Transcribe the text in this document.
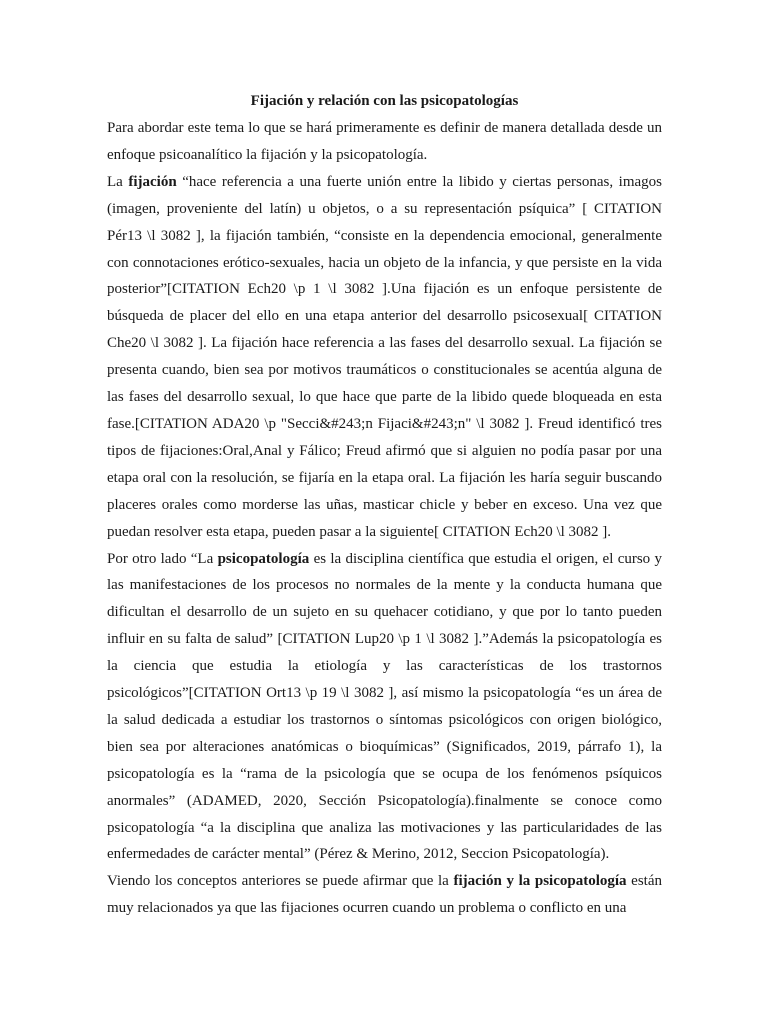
Fijación y relación con las psicopatologías

Para abordar este tema lo que se hará primeramente es definir de manera detallada desde un enfoque psicoanalítico la fijación y la psicopatología.

La fijación “hace referencia a una fuerte unión entre la libido y ciertas personas, imagos (imagen, proveniente del latín) u objetos, o a su representación psíquica” [ CITATION Pér13 \l 3082 ], la fijación también, “consiste en la dependencia emocional, generalmente con connotaciones erótico-sexuales, hacia un objeto de la infancia, y que persiste en la vida posterior”[CITATION Ech20 \p 1 \l 3082 ].Una fijación es un enfoque persistente de búsqueda de placer del ello en una etapa anterior del desarrollo psicosexual[ CITATION Che20 \l 3082 ]. La fijación hace referencia a las fases del desarrollo sexual. La fijación se presenta cuando, bien sea por motivos traumáticos o constitucionales se acentúa alguna de las fases del desarrollo sexual, lo que hace que parte de la libido quede bloqueada en esta fase.[CITATION ADA20 \p "Secci&#243;n Fijaci&#243;n" \l 3082 ]. Freud identificó tres tipos de fijaciones:Oral,Anal y Fálico; Freud afirmó que si alguien no podía pasar por una etapa oral con la resolución, se fijaría en la etapa oral. La fijación les haría seguir buscando placeres orales como morderse las uñas, masticar chicle y beber en exceso. Una vez que puedan resolver esta etapa, pueden pasar a la siguiente[ CITATION Ech20 \l 3082 ].

Por otro lado “La psicopatología es la disciplina científica que estudia el origen, el curso y las manifestaciones de los procesos no normales de la mente y la conducta humana que dificultan el desarrollo de un sujeto en su quehacer cotidiano, y que por lo tanto pueden influir en su falta de salud” [CITATION Lup20 \p 1 \l 3082 ].”Además la psicopatología es la ciencia que estudia la etiología y las características de los trastornos psicológicos”[CITATION Ort13 \p 19 \l 3082 ], así mismo la psicopatología “es un área de la salud dedicada a estudiar los trastornos o síntomas psicológicos con origen biológico, bien sea por alteraciones anatómicas o bioquímicas” (Significados, 2019, párrafo 1), la psicopatología es la “rama de la psicología que se ocupa de los fenómenos psíquicos anormales” (ADAMED, 2020, Sección Psicopatología).finalmente se conoce como psicopatología “a la disciplina que analiza las motivaciones y las particularidades de las enfermedades de carácter mental” (Pérez & Merino, 2012, Seccion Psicopatología).

Viendo los conceptos anteriores se puede afirmar que la fijación y la psicopatología están muy relacionados ya que las fijaciones ocurren cuando un problema o conflicto en una
